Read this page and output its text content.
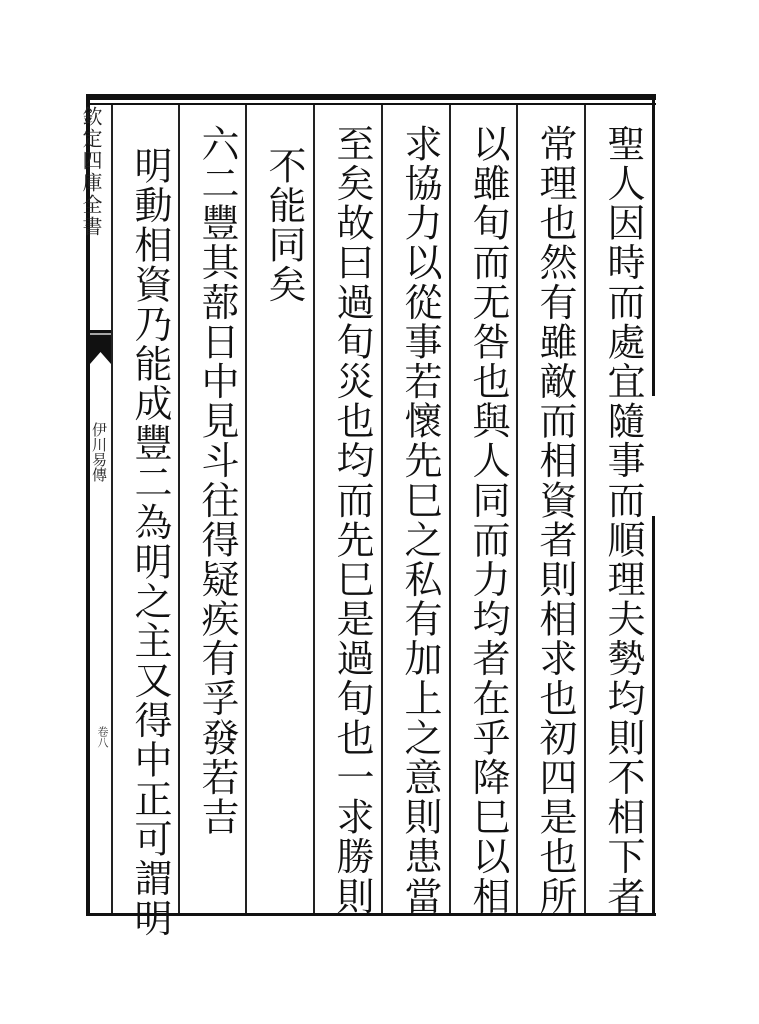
欽定四庫全書
伊川易傳
卷八	聖人因時而處宜隨事而順理夫勢均則不相下者
常理也然有雖敵而相資者則相求也初四是也所
以雖旬而无咎也與人同而力均者在乎降巳以相
求協力以從事若懷先巳之私有加上之意則患當
至矣故曰過旬災也均而先巳是過旬也一求勝則
不能同矣
六二豐其蔀日中見斗往得疑疾有孚發若吉
明動相資乃能成豐二為明之主又得中正可謂明
